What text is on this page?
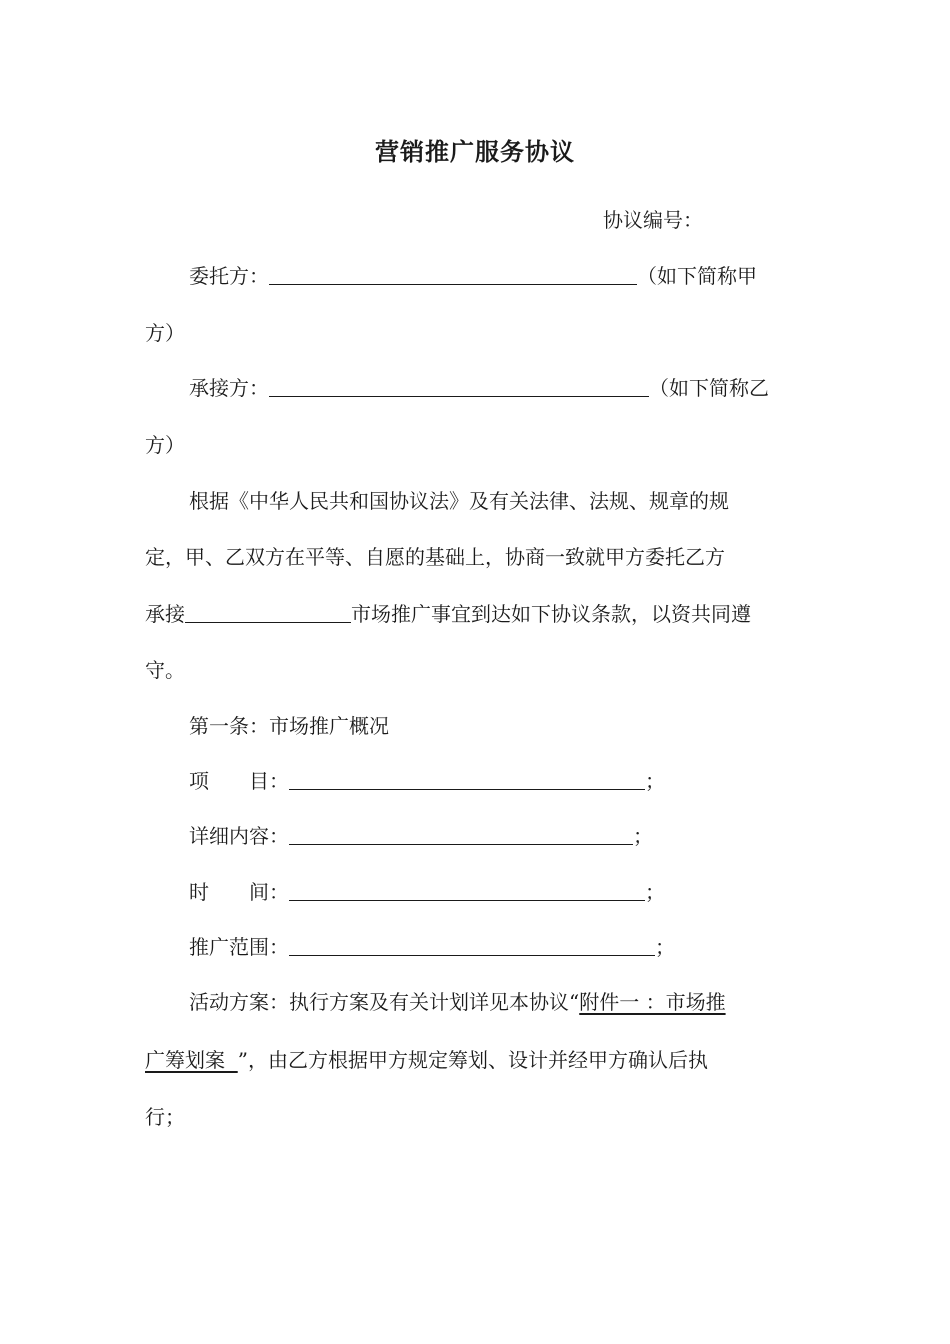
营销推广服务协议
协议编号：
委托方：	（如下简称甲
方）
承接方：	（如下简称乙
方）
根据《中华人民共和国协议法》及有关法律、法规、规章的规
定，甲、乙双方在平等、自愿的基础上，协商一致就甲方委托乙方
承接	市场推广事宜到达如下协议条款，以资共同遵
守。
第一条：市场推广概况
项　　目：	；
详细内容：	；
时　　间：	；
推广范围：	；
活动方案：执行方案及有关计划详见本协议“附件一 ：市场推
广筹划案  ”，由乙方根据甲方规定筹划、设计并经甲方确认后执
行；
